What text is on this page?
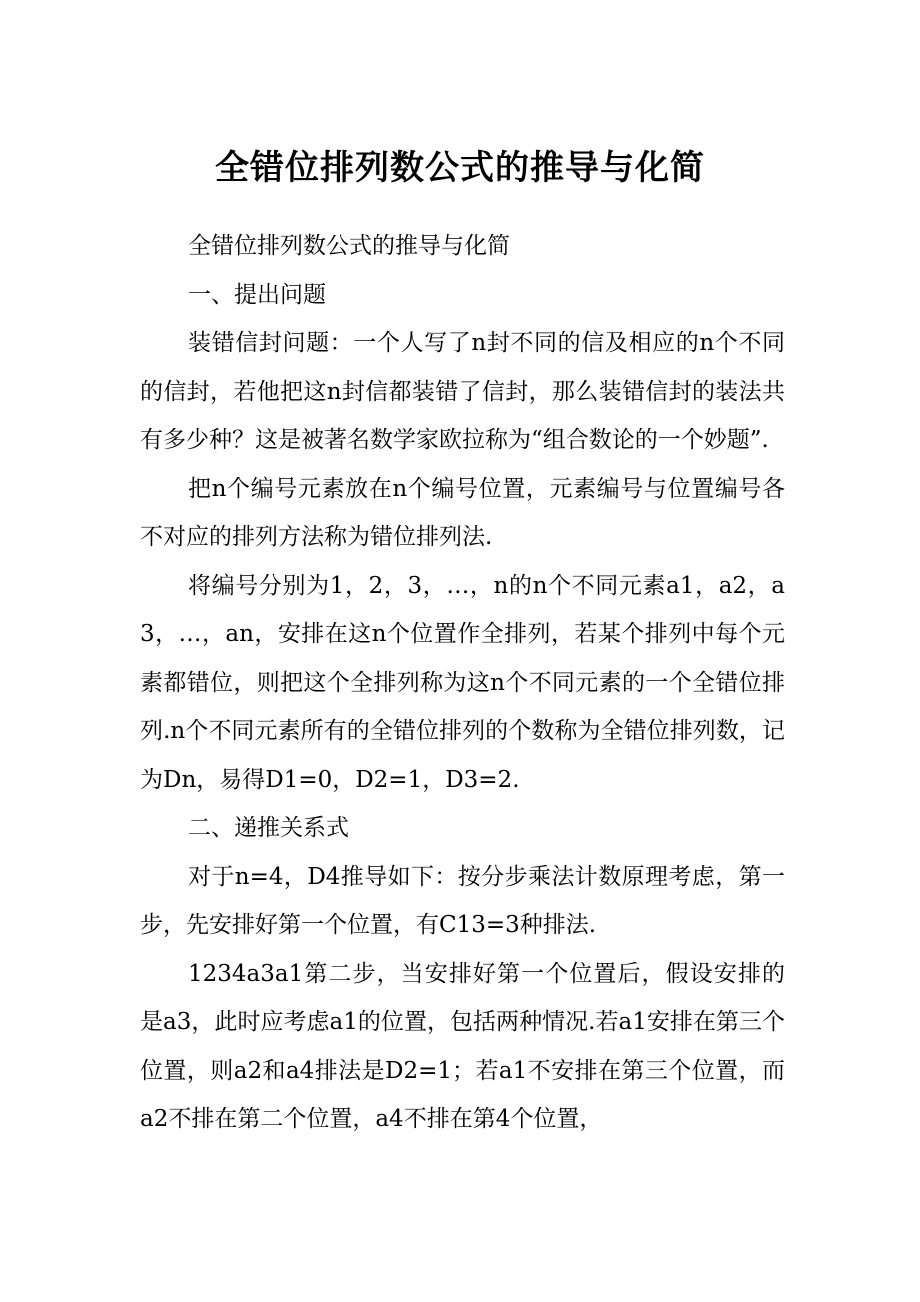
全错位排列数公式的推导与化简

全错位排列数公式的推导与化简

一、提出问题

装错信封问题：一个人写了n封不同的信及相应的n个不同的信封，若他把这n封信都装错了信封，那么装错信封的装法共有多少种？这是被著名数学家欧拉称为“组合数论的一个妙题”.

把n个编号元素放在n个编号位置，元素编号与位置编号各不对应的排列方法称为错位排列法.

将编号分别为1，2，3，…，n的n个不同元素a1，a2，a3，…，an，安排在这n个位置作全排列，若某个排列中每个元素都错位，则把这个全排列称为这n个不同元素的一个全错位排列.n个不同元素所有的全错位排列的个数称为全错位排列数，记为Dn，易得D1=0，D2=1，D3=2.

二、递推关系式

对于n=4，D4推导如下：按分步乘法计数原理考虑，第一步，先安排好第一个位置，有C13=3种排法.

1234a3a1第二步，当安排好第一个位置后，假设安排的是a3，此时应考虑a1的位置，包括两种情况.若a1安排在第三个位置，则a2和a4排法是D2=1；若a1不安排在第三个位置，而a2不排在第二个位置，a4不排在第4个位置，
